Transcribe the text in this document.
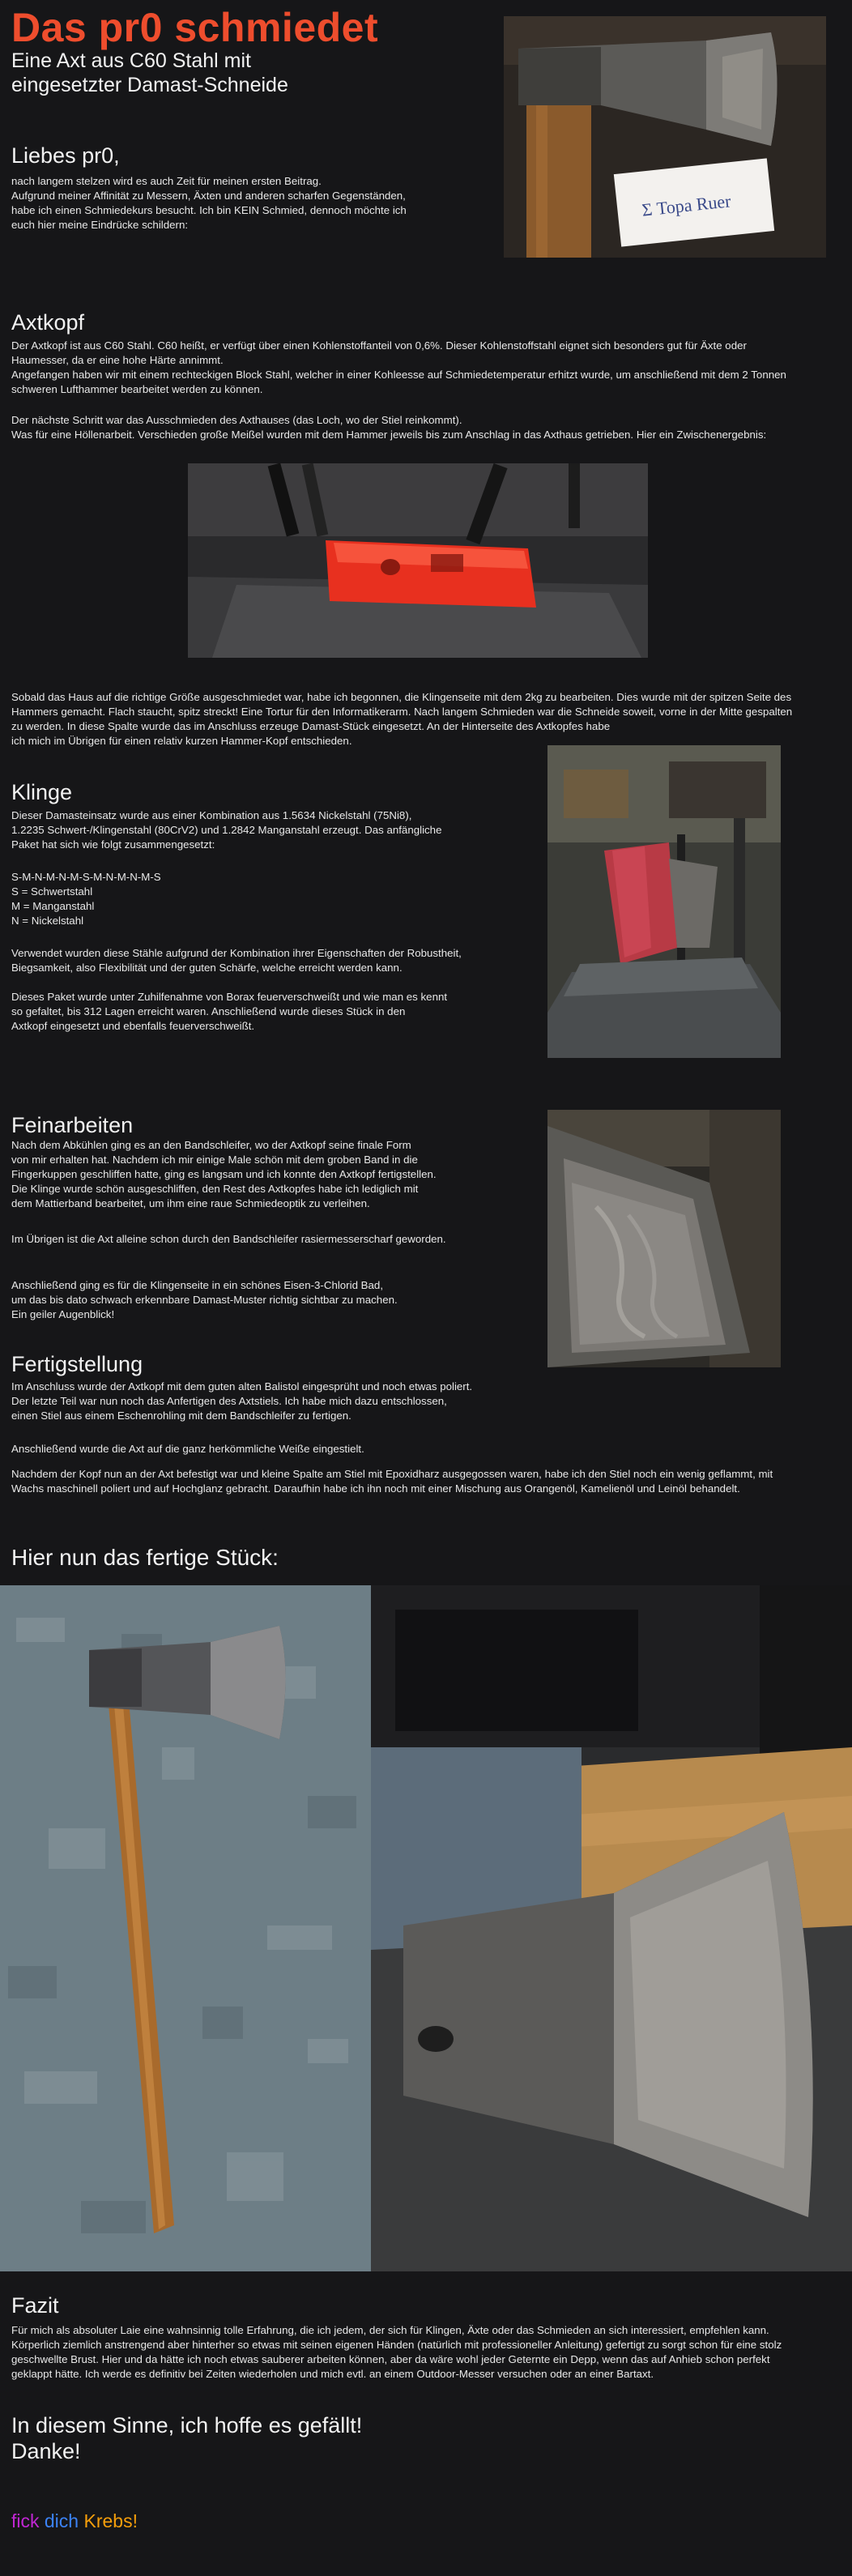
Das pr0 schmiedet
Eine Axt aus C60 Stahl mit
eingesetzter Damast-Schneide
Σ Topa Ruer
Liebes pr0,
nach langem stelzen wird es auch Zeit für meinen ersten Beitrag.
Aufgrund meiner Affinität zu Messern, Äxten und anderen scharfen Gegenständen,
habe ich einen Schmiedekurs besucht. Ich bin KEIN Schmied, dennoch möchte ich
euch hier meine Eindrücke schildern:
Axtkopf
Der Axtkopf ist aus C60 Stahl. C60 heißt, er verfügt über einen Kohlenstoffanteil von 0,6%. Dieser Kohlenstoffstahl eignet sich besonders gut für Äxte oder
Haumesser, da er eine hohe Härte annimmt.
Angefangen haben wir mit einem rechteckigen Block Stahl, welcher in einer Kohleesse auf Schmiedetemperatur erhitzt wurde, um anschließend mit dem 2 Tonnen
schweren Lufthammer bearbeitet werden zu können.
Der nächste Schritt war das Ausschmieden des Axthauses (das Loch, wo der Stiel reinkommt).
Was für eine Höllenarbeit. Verschieden große Meißel wurden mit dem Hammer jeweils bis zum Anschlag in das Axthaus getrieben. Hier ein Zwischenergebnis:
Sobald das Haus auf die richtige Größe ausgeschmiedet war, habe ich begonnen, die Klingenseite mit dem 2kg zu bearbeiten. Dies wurde mit der spitzen Seite des
Hammers gemacht. Flach staucht, spitz streckt! Eine Tortur für den Informatikerarm. Nach langem Schmieden war die Schneide soweit, vorne in der Mitte gespalten
zu werden. In diese Spalte wurde das im Anschluss erzeuge Damast-Stück eingesetzt. An der Hinterseite des Axtkopfes habe
ich mich im Übrigen für einen relativ kurzen Hammer-Kopf entschieden.
Klinge
Dieser Damasteinsatz wurde aus einer Kombination aus 1.5634 Nickelstahl (75Ni8),
1.2235 Schwert-/Klingenstahl (80CrV2) und 1.2842 Manganstahl erzeugt. Das anfängliche
Paket hat sich wie folgt zusammengesetzt:
S-M-N-M-N-M-S-M-N-M-N-M-S
S = Schwertstahl
M = Manganstahl
N = Nickelstahl
Verwendet wurden diese Stähle aufgrund der Kombination ihrer Eigenschaften der Robustheit,
Biegsamkeit, also Flexibilität und der guten Schärfe, welche erreicht werden kann.
Dieses Paket wurde unter Zuhilfenahme von Borax feuerverschweißt und wie man es kennt
so gefaltet, bis 312 Lagen erreicht waren. Anschließend wurde dieses Stück in den
Axtkopf eingesetzt und ebenfalls feuerverschweißt.
Feinarbeiten
Nach dem Abkühlen ging es an den Bandschleifer, wo der Axtkopf seine finale Form
von mir erhalten hat. Nachdem ich mir einige Male schön mit dem groben Band in die
Fingerkuppen geschliffen hatte, ging es langsam und ich konnte den Axtkopf fertigstellen.
Die Klinge wurde schön ausgeschliffen, den Rest des Axtkopfes habe ich lediglich mit
dem Mattierband bearbeitet, um ihm eine raue Schmiedeoptik zu verleihen.
Im Übrigen ist die Axt alleine schon durch den Bandschleifer rasiermesserscharf geworden.
Anschließend ging es für die Klingenseite in ein schönes Eisen-3-Chlorid Bad,
um das bis dato schwach erkennbare Damast-Muster richtig sichtbar zu machen.
Ein geiler Augenblick!
Fertigstellung
Im Anschluss wurde der Axtkopf mit dem guten alten Balistol eingesprüht und noch etwas poliert.
Der letzte Teil war nun noch das Anfertigen des Axtstiels. Ich habe mich dazu entschlossen,
einen Stiel aus einem Eschenrohling mit dem Bandschleifer zu fertigen.
Anschließend wurde die Axt auf die ganz herkömmliche Weiße eingestielt.
Nachdem der Kopf nun an der Axt befestigt war und kleine Spalte am Stiel mit Epoxidharz ausgegossen waren, habe ich den Stiel noch ein wenig geflammt, mit
Wachs maschinell poliert und auf Hochglanz gebracht. Daraufhin habe ich ihn noch mit einer Mischung aus Orangenöl, Kamelienöl und Leinöl behandelt.
Hier nun das fertige Stück:
Fazit
Für mich als absoluter Laie eine wahnsinnig tolle Erfahrung, die ich jedem, der sich für Klingen, Äxte oder das Schmieden an sich interessiert, empfehlen kann.
Körperlich ziemlich anstrengend aber hinterher so etwas mit seinen eigenen Händen (natürlich mit professioneller Anleitung) gefertigt zu sorgt schon für eine stolz
geschwellte Brust. Hier und da hätte ich noch etwas sauberer arbeiten können, aber da wäre wohl jeder Geternte ein Depp, wenn das auf Anhieb schon perfekt
geklappt hätte. Ich werde es definitiv bei Zeiten wiederholen und mich evtl. an einem Outdoor-Messer versuchen oder an einer Bartaxt.
In diesem Sinne, ich hoffe es gefällt!
Danke!
fick dich Krebs!
